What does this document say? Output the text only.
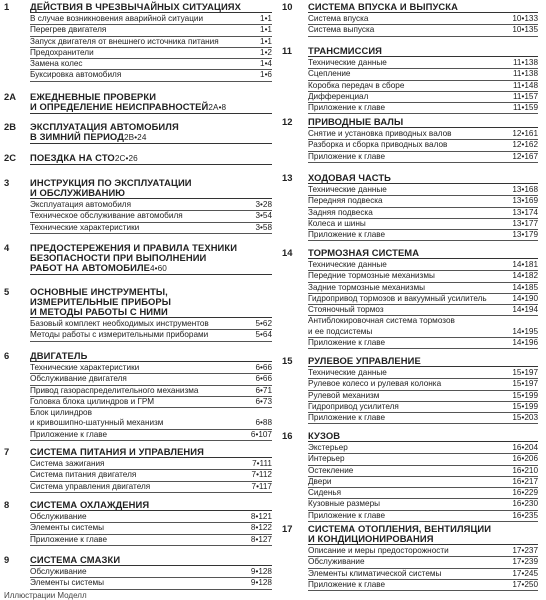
1	ДЕЙСТВИЯ В ЧРЕЗВЫЧАЙНЫХ СИТУАЦИЯХ
В случае возникновения аварийной ситуации	1•1
Перегрев двигателя	1•1
Запуск двигателя от внешнего источника питания	1•1
Предохранители	1•2
Замена колес	1•4
Буксировка автомобиля	1•6
2A	ЕЖЕДНЕВНЫЕ ПРОВЕРКИ
И ОПРЕДЕЛЕНИЕ НЕИСПРАВНОСТЕЙ2A•8
2B	ЭКСПЛУАТАЦИЯ АВТОМОБИЛЯ
В ЗИМНИЙ ПЕРИОД2B•24
2C	ПОЕЗДКА НА СТО2C•26
3	ИНСТРУКЦИЯ ПО ЭКСПЛУАТАЦИИ
И ОБСЛУЖИВАНИЮ
Эксплуатация автомобиля	3•28
Техническое обслуживание автомобиля	3•54
Технические характеристики	3•58
4	ПРЕДОСТЕРЕЖЕНИЯ И ПРАВИЛА ТЕХНИКИ
БЕЗОПАСНОСТИ ПРИ ВЫПОЛНЕНИИ
РАБОТ НА АВТОМОБИЛЕ4•60
5	ОСНОВНЫЕ ИНСТРУМЕНТЫ,
ИЗМЕРИТЕЛЬНЫЕ ПРИБОРЫ
И МЕТОДЫ РАБОТЫ С НИМИ
Базовый комплект необходимых инструментов	5•62
Методы работы с измерительными приборами	5•64
6	ДВИГАТЕЛЬ
Технические характеристики	6•66
Обслуживание двигателя	6•66
Привод газораспределительного механизма	6•71
Головка блока цилиндров и ГРМ	6•73
Блок цилиндров
и кривошипно-шатунный механизм	6•88
Приложение к главе	6•107
7	СИСТЕМА ПИТАНИЯ И УПРАВЛЕНИЯ
Система зажигания	7•111
Система питания двигателя	7•112
Система управления двигателя	7•117
8	СИСТЕМА ОХЛАЖДЕНИЯ
Обслуживание	8•121
Элементы системы	8•122
Приложение к главе	8•127
9	СИСТЕМА СМАЗКИ
Обслуживание	9•128
Элементы системы	9•128
10	СИСТЕМА ВПУСКА И ВЫПУСКА
Система впуска	10•133
Система выпуска	10•135
11	ТРАНСМИССИЯ
Технические данные	11•138
Сцепление	11•138
Коробка передач в сборе	11•148
Дифференциал	11•157
Приложение к главе	11•159
12	ПРИВОДНЫЕ ВАЛЫ
Снятие и установка приводных валов	12•161
Разборка и сборка приводных валов	12•162
Приложение к главе	12•167
13	ХОДОВАЯ ЧАСТЬ
Технические данные	13•168
Передняя подвеска	13•169
Задняя подвеска	13•174
Колеса и шины	13•177
Приложение к главе	13•179
14	ТОРМОЗНАЯ СИСТЕМА
Технические данные	14•181
Передние тормозные механизмы	14•182
Задние тормозные механизмы	14•185
Гидропривод тормозов и вакуумный усилитель	14•190
Стояночный тормоз	14•194
Антиблокировочная система тормозов
и ее подсистемы	14•195
Приложение к главе	14•196
15	РУЛЕВОЕ УПРАВЛЕНИЕ
Технические данные	15•197
Рулевое колесо и рулевая колонка	15•197
Рулевой механизм	15•199
Гидропривод усилителя	15•199
Приложение к главе	15•203
16	КУЗОВ
Экстерьер	16•204
Интерьер	16•206
Остекление	16•210
Двери	16•217
Сиденья	16•229
Кузовные размеры	16•230
Приложение к главе	16•235
17	СИСТЕМА ОТОПЛЕНИЯ, ВЕНТИЛЯЦИИ
И КОНДИЦИОНИРОВАНИЯ
Описание и меры предосторожности	17•237
Обслуживание	17•239
Элементы климатической системы	17•245
Приложение к главе	17•250
Иллюстрации Моделл
